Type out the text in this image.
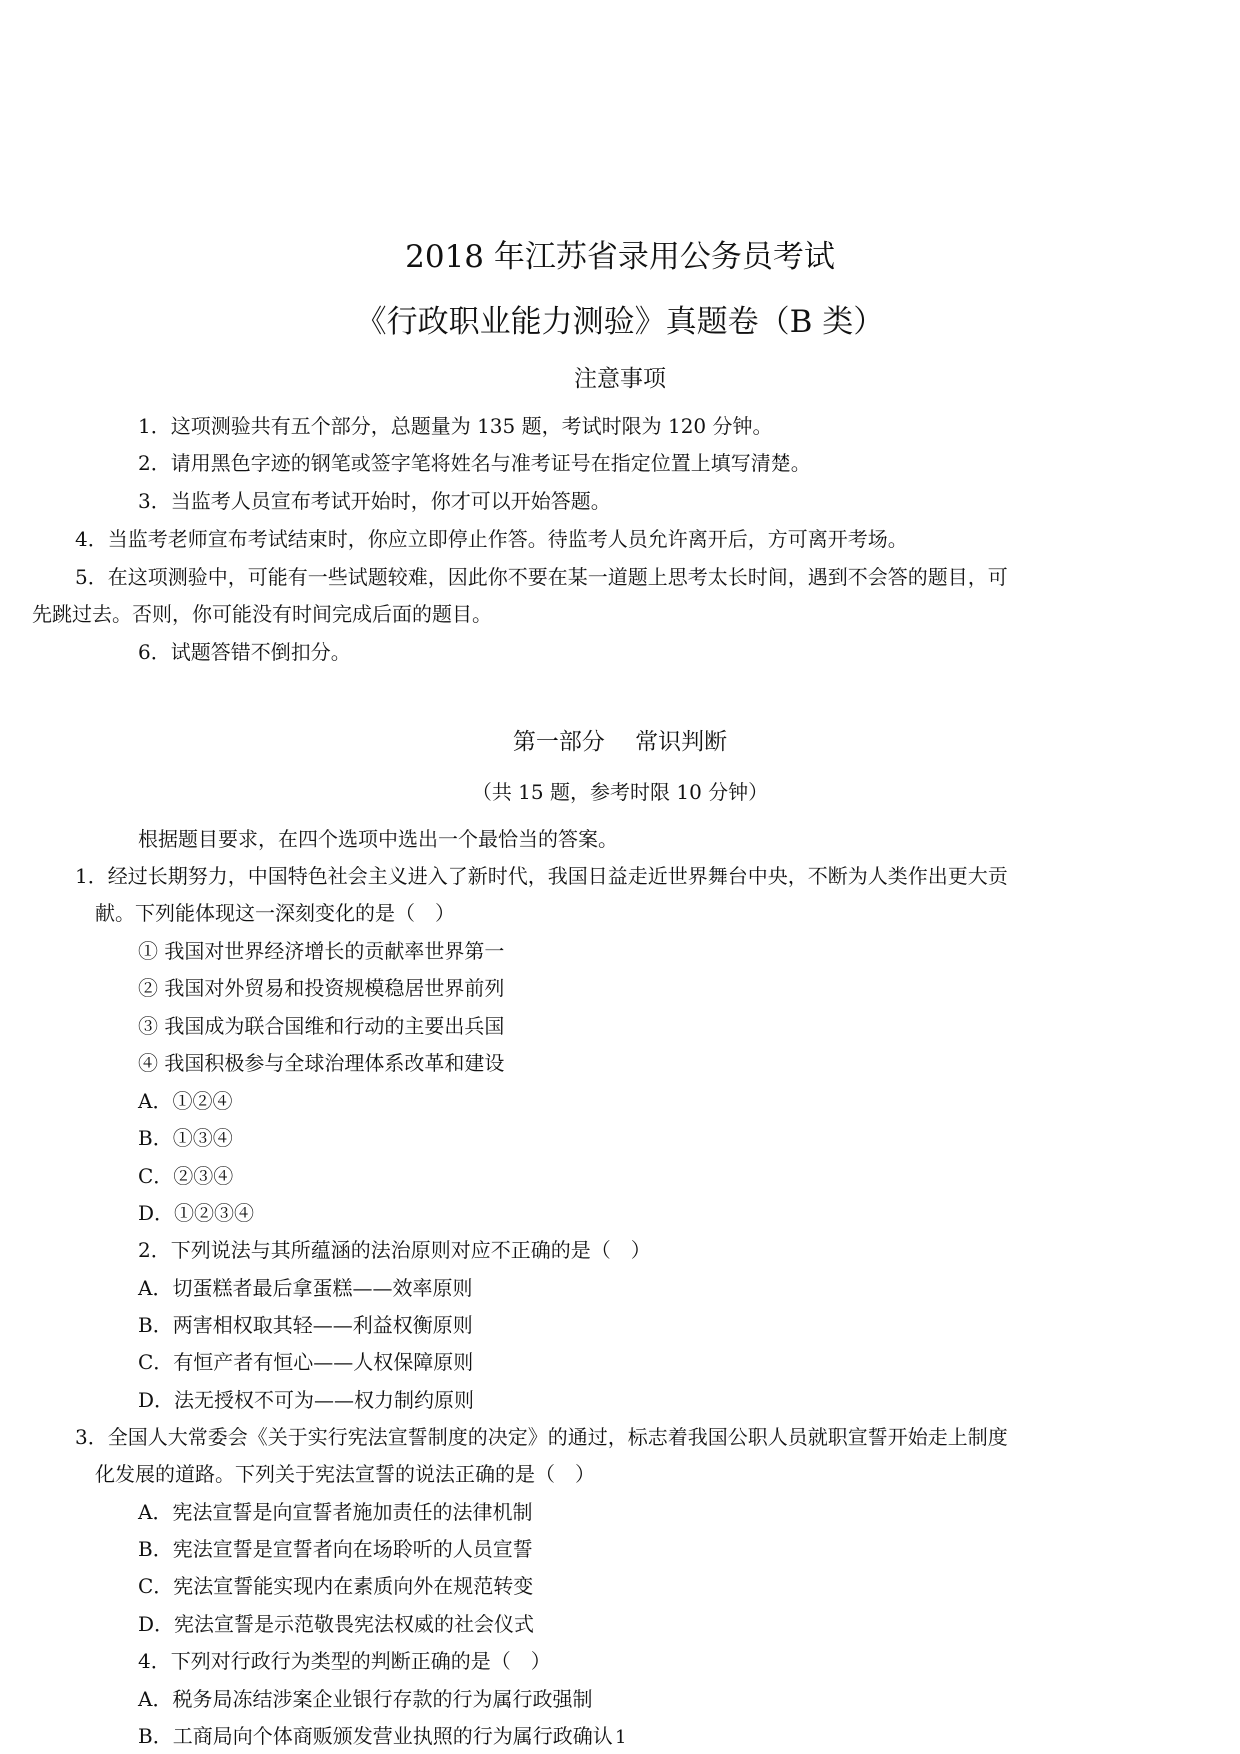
2018 年江苏省录用公务员考试
《行政职业能力测验》真题卷（B 类）
注意事项
1．这项测验共有五个部分，总题量为 135 题，考试时限为 120 分钟。
2．请用黑色字迹的钢笔或签字笔将姓名与准考证号在指定位置上填写清楚。
3．当监考人员宣布考试开始时，你才可以开始答题。
4．当监考老师宣布考试结束时，你应立即停止作答。待监考人员允许离开后，方可离开考场。
5．在这项测验中，可能有一些试题较难，因此你不要在某一道题上思考太长时间，遇到不会答的题目，可
先跳过去。否则，你可能没有时间完成后面的题目。
6．试题答错不倒扣分。
第一部分　 常识判断
（共 15 题，参考时限 10 分钟）
根据题目要求，在四个选项中选出一个最恰当的答案。
1．经过长期努力，中国特色社会主义进入了新时代，我国日益走近世界舞台中央，不断为人类作出更大贡
献。下列能体现这一深刻变化的是（　）
① 我国对世界经济增长的贡献率世界第一
② 我国对外贸易和投资规模稳居世界前列
③ 我国成为联合国维和行动的主要出兵国
④ 我国积极参与全球治理体系改革和建设
A．①②④
B．①③④
C．②③④
D．①②③④
2．下列说法与其所蕴涵的法治原则对应不正确的是（　）
A．切蛋糕者最后拿蛋糕——效率原则
B．两害相权取其轻——利益权衡原则
C．有恒产者有恒心——人权保障原则
D．法无授权不可为——权力制约原则
3．全国人大常委会《关于实行宪法宣誓制度的决定》的通过，标志着我国公职人员就职宣誓开始走上制度
化发展的道路。下列关于宪法宣誓的说法正确的是（　）
A．宪法宣誓是向宣誓者施加责任的法律机制
B．宪法宣誓是宣誓者向在场聆听的人员宣誓
C．宪法宣誓能实现内在素质向外在规范转变
D．宪法宣誓是示范敬畏宪法权威的社会仪式
4．下列对行政行为类型的判断正确的是（　）
A．税务局冻结涉案企业银行存款的行为属行政强制
B．工商局向个体商贩颁发营业执照的行为属行政确认 1
